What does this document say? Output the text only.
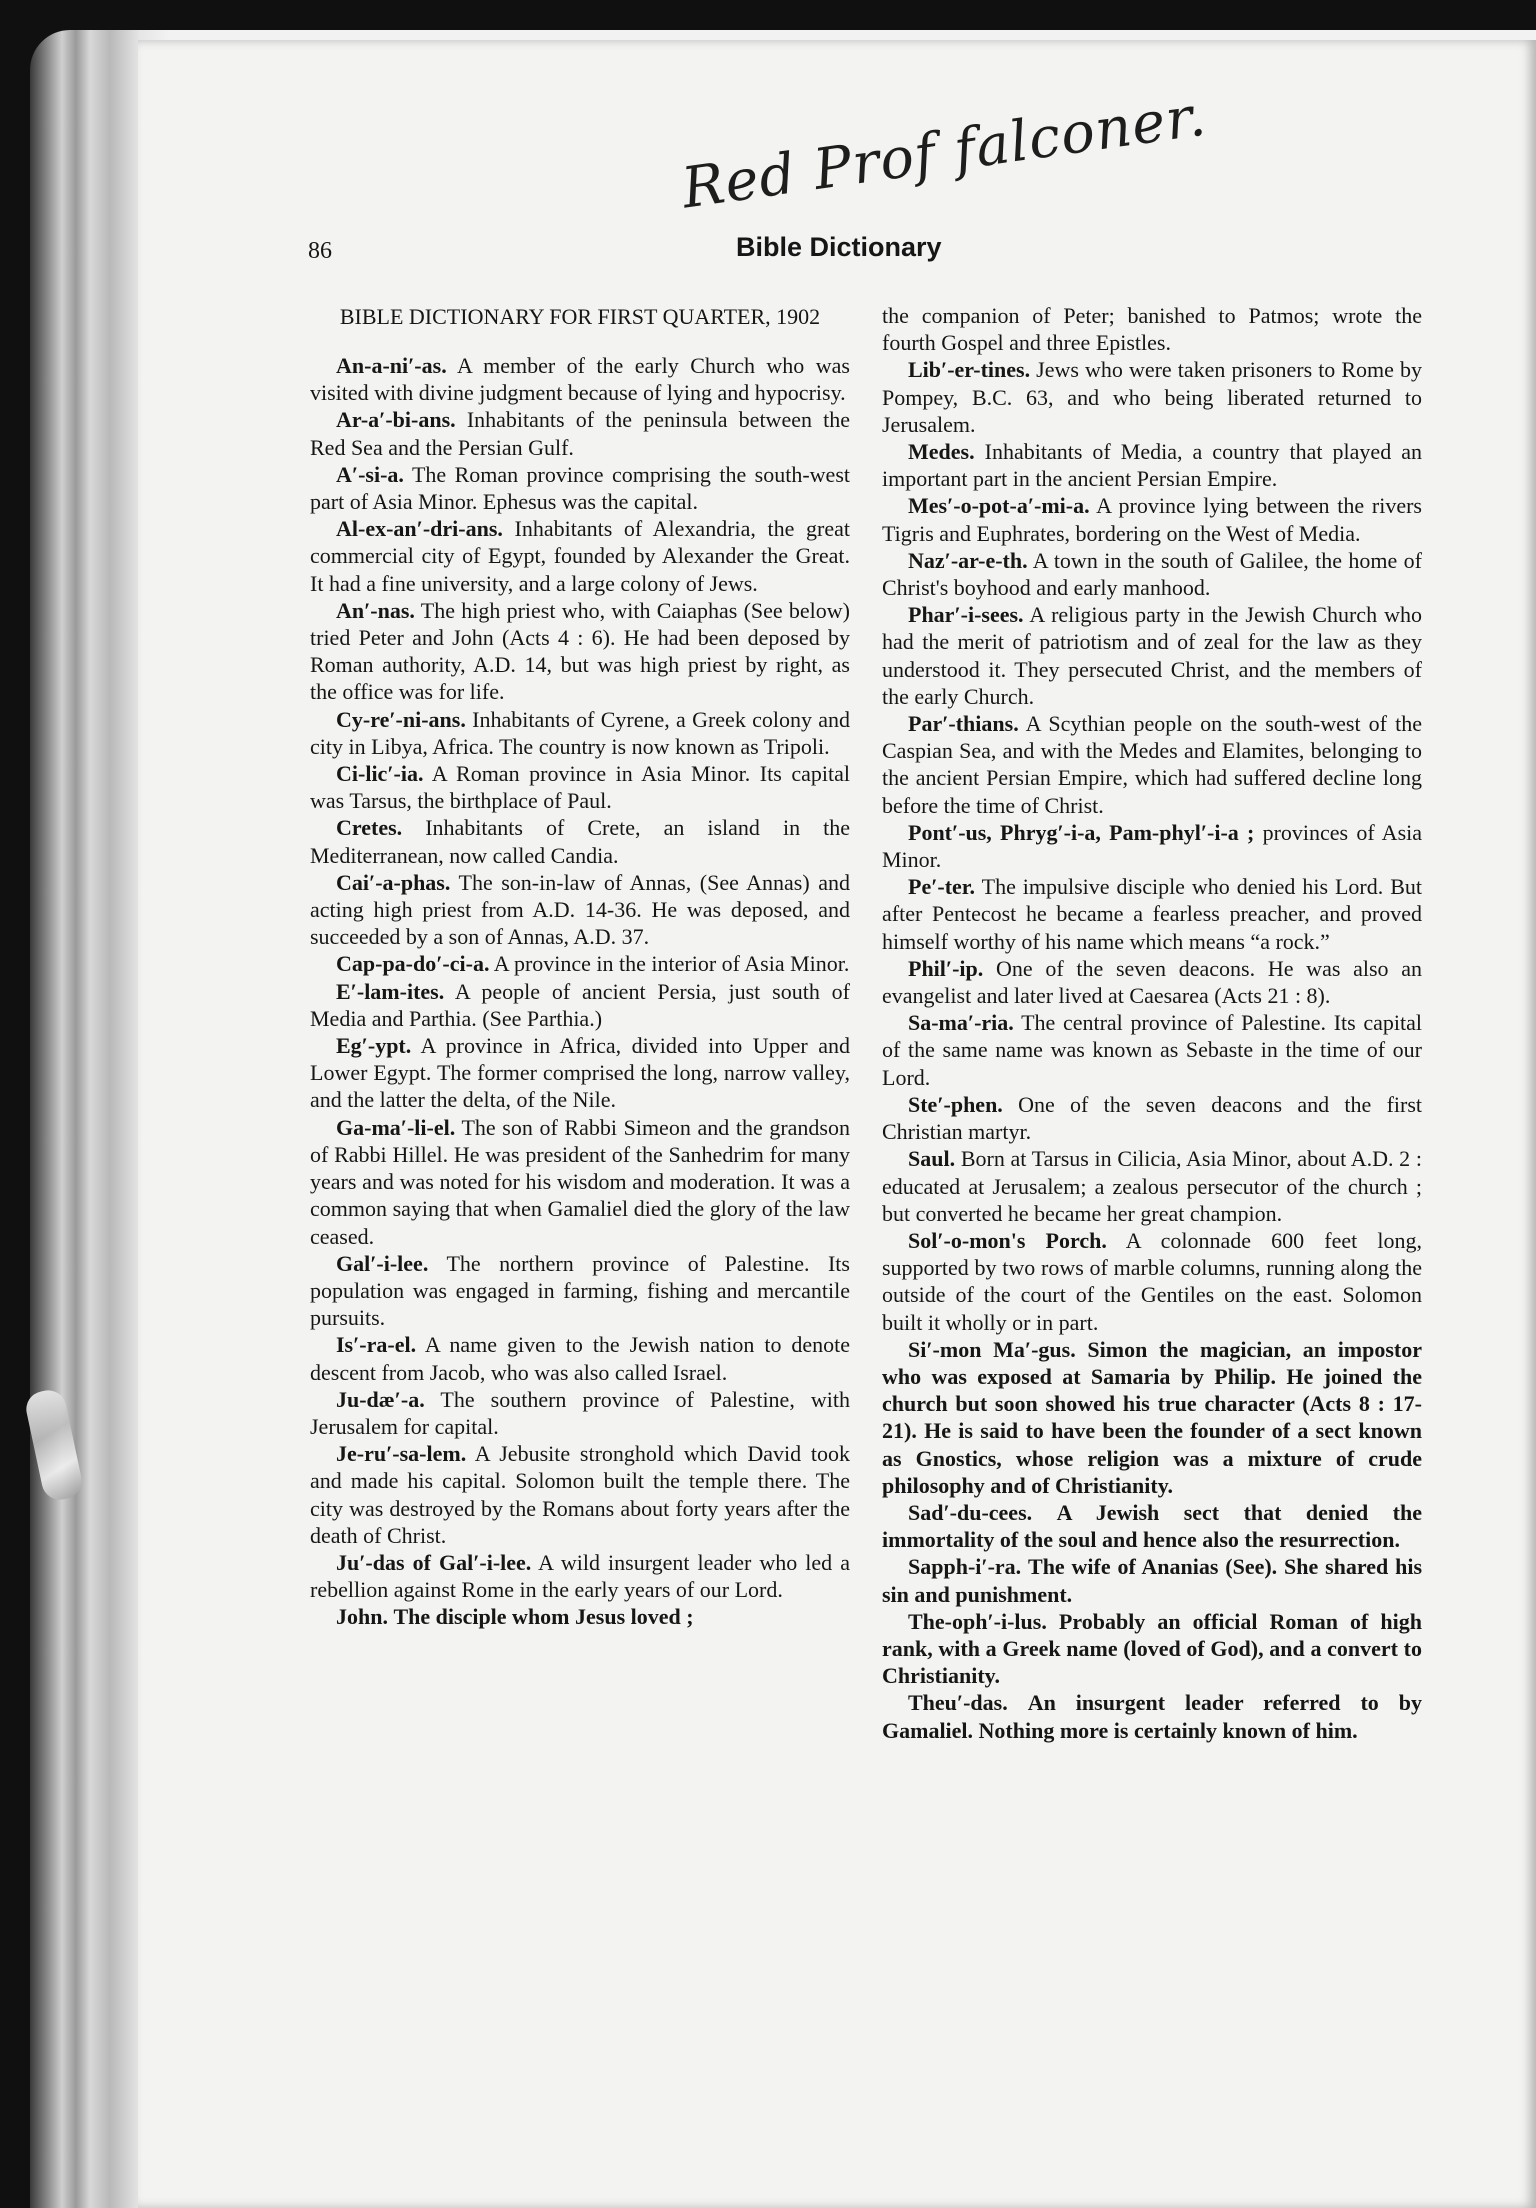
Red Prof falconer.
86	Bible Dictionary
BIBLE DICTIONARY FOR FIRST QUARTER, 1902

An-a-ni′-as. A member of the early Church who was visited with divine judgment because of lying and hypocrisy.

Ar-a′-bi-ans. Inhabitants of the peninsula between the Red Sea and the Persian Gulf.

A′-si-a. The Roman province comprising the south-west part of Asia Minor. Ephesus was the capital.

Al-ex-an′-dri-ans. Inhabitants of Alexandria, the great commercial city of Egypt, founded by Alexander the Great. It had a fine university, and a large colony of Jews.

An′-nas. The high priest who, with Caiaphas (See below) tried Peter and John (Acts 4 : 6). He had been deposed by Roman authority, A.D. 14, but was high priest by right, as the office was for life.

Cy-re′-ni-ans. Inhabitants of Cyrene, a Greek colony and city in Libya, Africa. The country is now known as Tripoli.

Ci-lic′-ia. A Roman province in Asia Minor. Its capital was Tarsus, the birthplace of Paul.

Cretes. Inhabitants of Crete, an island in the Mediterranean, now called Candia.

Cai′-a-phas. The son-in-law of Annas, (See Annas) and acting high priest from A.D. 14-36. He was deposed, and succeeded by a son of Annas, A.D. 37.

Cap-pa-do′-ci-a. A province in the interior of Asia Minor.

E′-lam-ites. A people of ancient Persia, just south of Media and Parthia. (See Parthia.)

Eg′-ypt. A province in Africa, divided into Upper and Lower Egypt. The former comprised the long, narrow valley, and the latter the delta, of the Nile.

Ga-ma′-li-el. The son of Rabbi Simeon and the grandson of Rabbi Hillel. He was president of the Sanhedrim for many years and was noted for his wisdom and moderation. It was a common saying that when Gamaliel died the glory of the law ceased.

Gal′-i-lee. The northern province of Palestine. Its population was engaged in farming, fishing and mercantile pursuits.

Is′-ra-el. A name given to the Jewish nation to denote descent from Jacob, who was also called Israel.

Ju-dæ′-a. The southern province of Palestine, with Jerusalem for capital.

Je-ru′-sa-lem. A Jebusite stronghold which David took and made his capital. Solomon built the temple there. The city was destroyed by the Romans about forty years after the death of Christ.

Ju′-das of Gal′-i-lee. A wild insurgent leader who led a rebellion against Rome in the early years of our Lord.

John. The disciple whom Jesus loved ;

the companion of Peter; banished to Patmos; wrote the fourth Gospel and three Epistles.

Lib′-er-tines. Jews who were taken prisoners to Rome by Pompey, B.C. 63, and who being liberated returned to Jerusalem.

Medes. Inhabitants of Media, a country that played an important part in the ancient Persian Empire.

Mes′-o-pot-a′-mi-a. A province lying between the rivers Tigris and Euphrates, bordering on the West of Media.

Naz′-ar-e-th. A town in the south of Galilee, the home of Christ's boyhood and early manhood.

Phar′-i-sees. A religious party in the Jewish Church who had the merit of patriotism and of zeal for the law as they understood it. They persecuted Christ, and the members of the early Church.

Par′-thians. A Scythian people on the south-west of the Caspian Sea, and with the Medes and Elamites, belonging to the ancient Persian Empire, which had suffered decline long before the time of Christ.

Pont′-us, Phryg′-i-a, Pam-phyl′-i-a ; provinces of Asia Minor.

Pe′-ter. The impulsive disciple who denied his Lord. But after Pentecost he became a fearless preacher, and proved himself worthy of his name which means “a rock.”

Phil′-ip. One of the seven deacons. He was also an evangelist and later lived at Caesarea (Acts 21 : 8).

Sa-ma′-ria. The central province of Palestine. Its capital of the same name was known as Sebaste in the time of our Lord.

Ste′-phen. One of the seven deacons and the first Christian martyr.

Saul. Born at Tarsus in Cilicia, Asia Minor, about A.D. 2 : educated at Jerusalem; a zealous persecutor of the church ; but converted he became her great champion.

Sol′-o-mon's Porch. A colonnade 600 feet long, supported by two rows of marble columns, running along the outside of the court of the Gentiles on the east. Solomon built it wholly or in part.

Si′-mon Ma′-gus. Simon the magician, an impostor who was exposed at Samaria by Philip. He joined the church but soon showed his true character (Acts 8 : 17-21). He is said to have been the founder of a sect known as Gnostics, whose religion was a mixture of crude philosophy and of Christianity.

Sad′-du-cees. A Jewish sect that denied the immortality of the soul and hence also the resurrection.

Sapph-i′-ra. The wife of Ananias (See). She shared his sin and punishment.

The-oph′-i-lus. Probably an official Roman of high rank, with a Greek name (loved of God), and a convert to Christianity.

Theu′-das. An insurgent leader referred to by Gamaliel. Nothing more is certainly known of him.
